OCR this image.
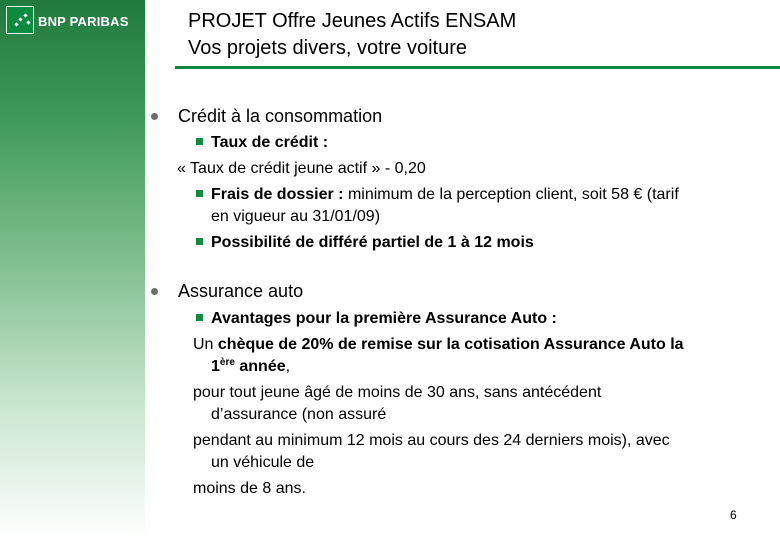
BNP PARIBAS	PROJET Offre Jeunes Actifs ENSAM
Vos projets divers, votre voiture
Crédit à la consommation
Taux de crédit :
« Taux de crédit jeune actif » - 0,20
Frais de dossier : minimum de la perception client, soit 58 € (tarif
en vigueur au 31/01/09)
Possibilité de différé partiel de 1 à 12 mois
Assurance auto
Avantages pour la première Assurance Auto :
Un chèque de 20% de remise sur la cotisation Assurance Auto la
1ère année,
pour tout jeune âgé de moins de 30 ans, sans antécédent
d’assurance (non assuré
pendant au minimum 12 mois au cours des 24 derniers mois), avec
un véhicule de
moins de 8 ans.
6
